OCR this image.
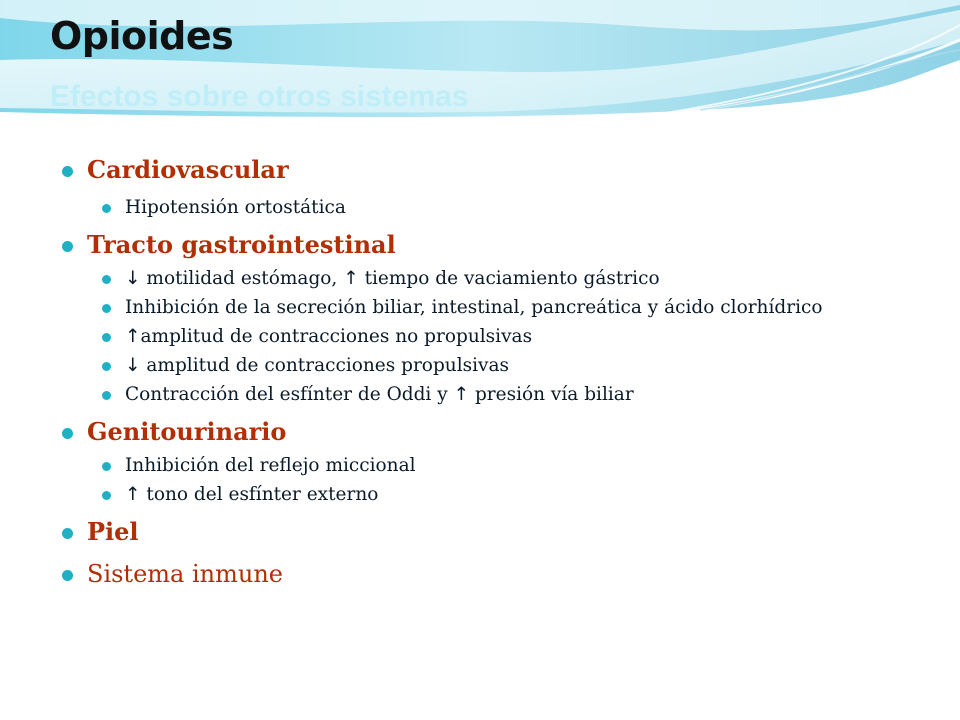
Opioides
Efectos sobre otros sistemas
Cardiovascular
Hipotensión ortostática
Tracto gastrointestinal
↓ motilidad estómago, ↑ tiempo de vaciamiento gástrico
Inhibición de la secreción biliar, intestinal, pancreática y ácido clorhídrico
↑amplitud de contracciones no propulsivas
↓ amplitud de contracciones propulsivas
Contracción del esfínter de Oddi y ↑ presión vía biliar
Genitourinario
Inhibición del reflejo miccional
↑ tono del esfínter externo
Piel
Sistema inmune
